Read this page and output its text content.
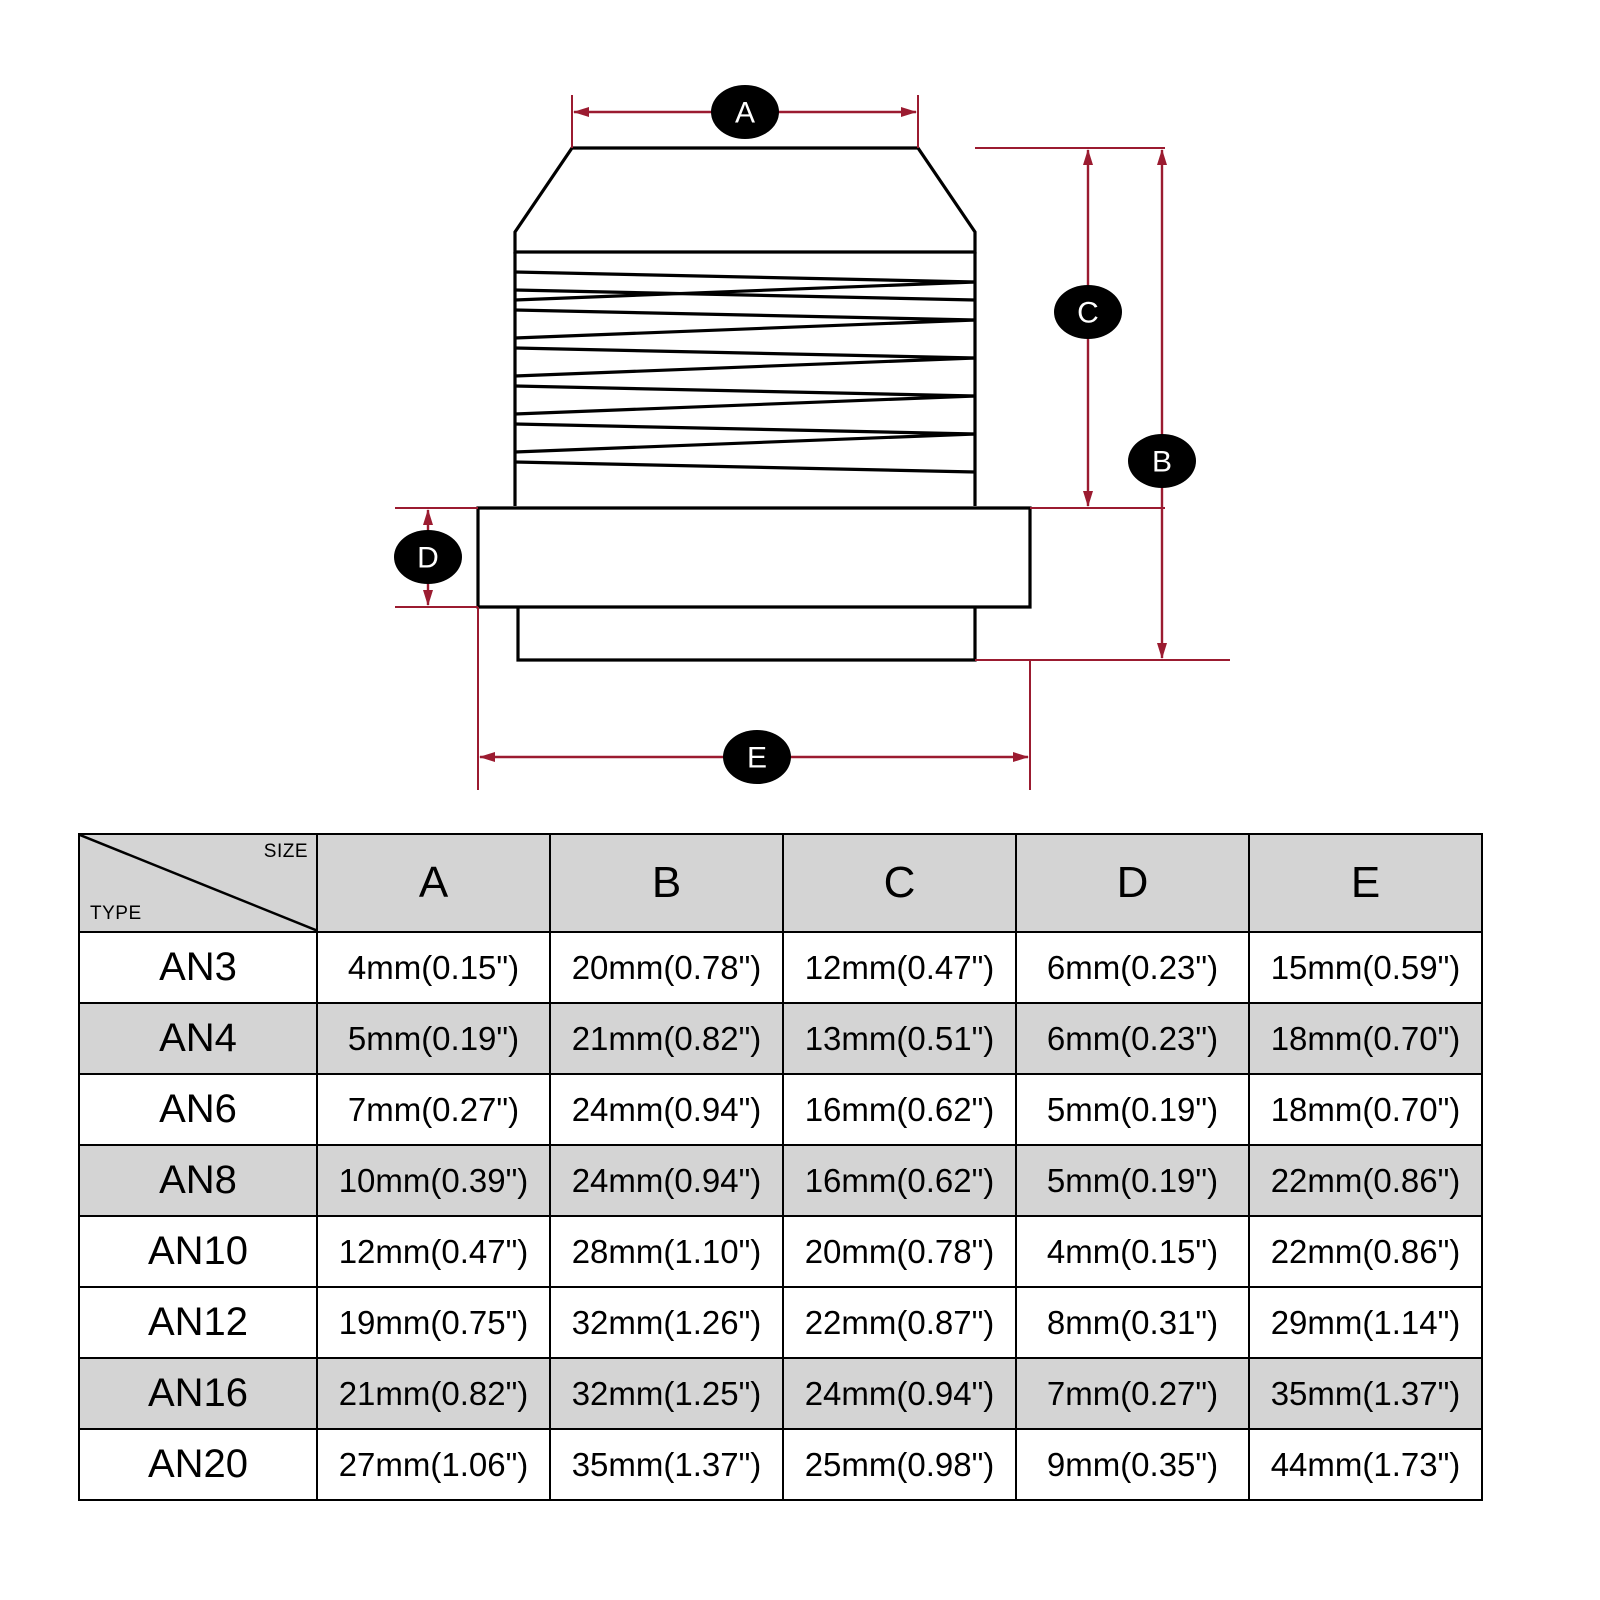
A
C
B
D
E
SIZE
TYPE	A	B	C	D	E
AN3	4mm(0.15")	20mm(0.78")	12mm(0.47")	6mm(0.23")	15mm(0.59")
AN4	5mm(0.19")	21mm(0.82")	13mm(0.51")	6mm(0.23")	18mm(0.70")
AN6	7mm(0.27")	24mm(0.94")	16mm(0.62")	5mm(0.19")	18mm(0.70")
AN8	10mm(0.39")	24mm(0.94")	16mm(0.62")	5mm(0.19")	22mm(0.86")
AN10	12mm(0.47")	28mm(1.10")	20mm(0.78")	4mm(0.15")	22mm(0.86")
AN12	19mm(0.75")	32mm(1.26")	22mm(0.87")	8mm(0.31")	29mm(1.14")
AN16	21mm(0.82")	32mm(1.25")	24mm(0.94")	7mm(0.27")	35mm(1.37")
AN20	27mm(1.06")	35mm(1.37")	25mm(0.98")	9mm(0.35")	44mm(1.73")
